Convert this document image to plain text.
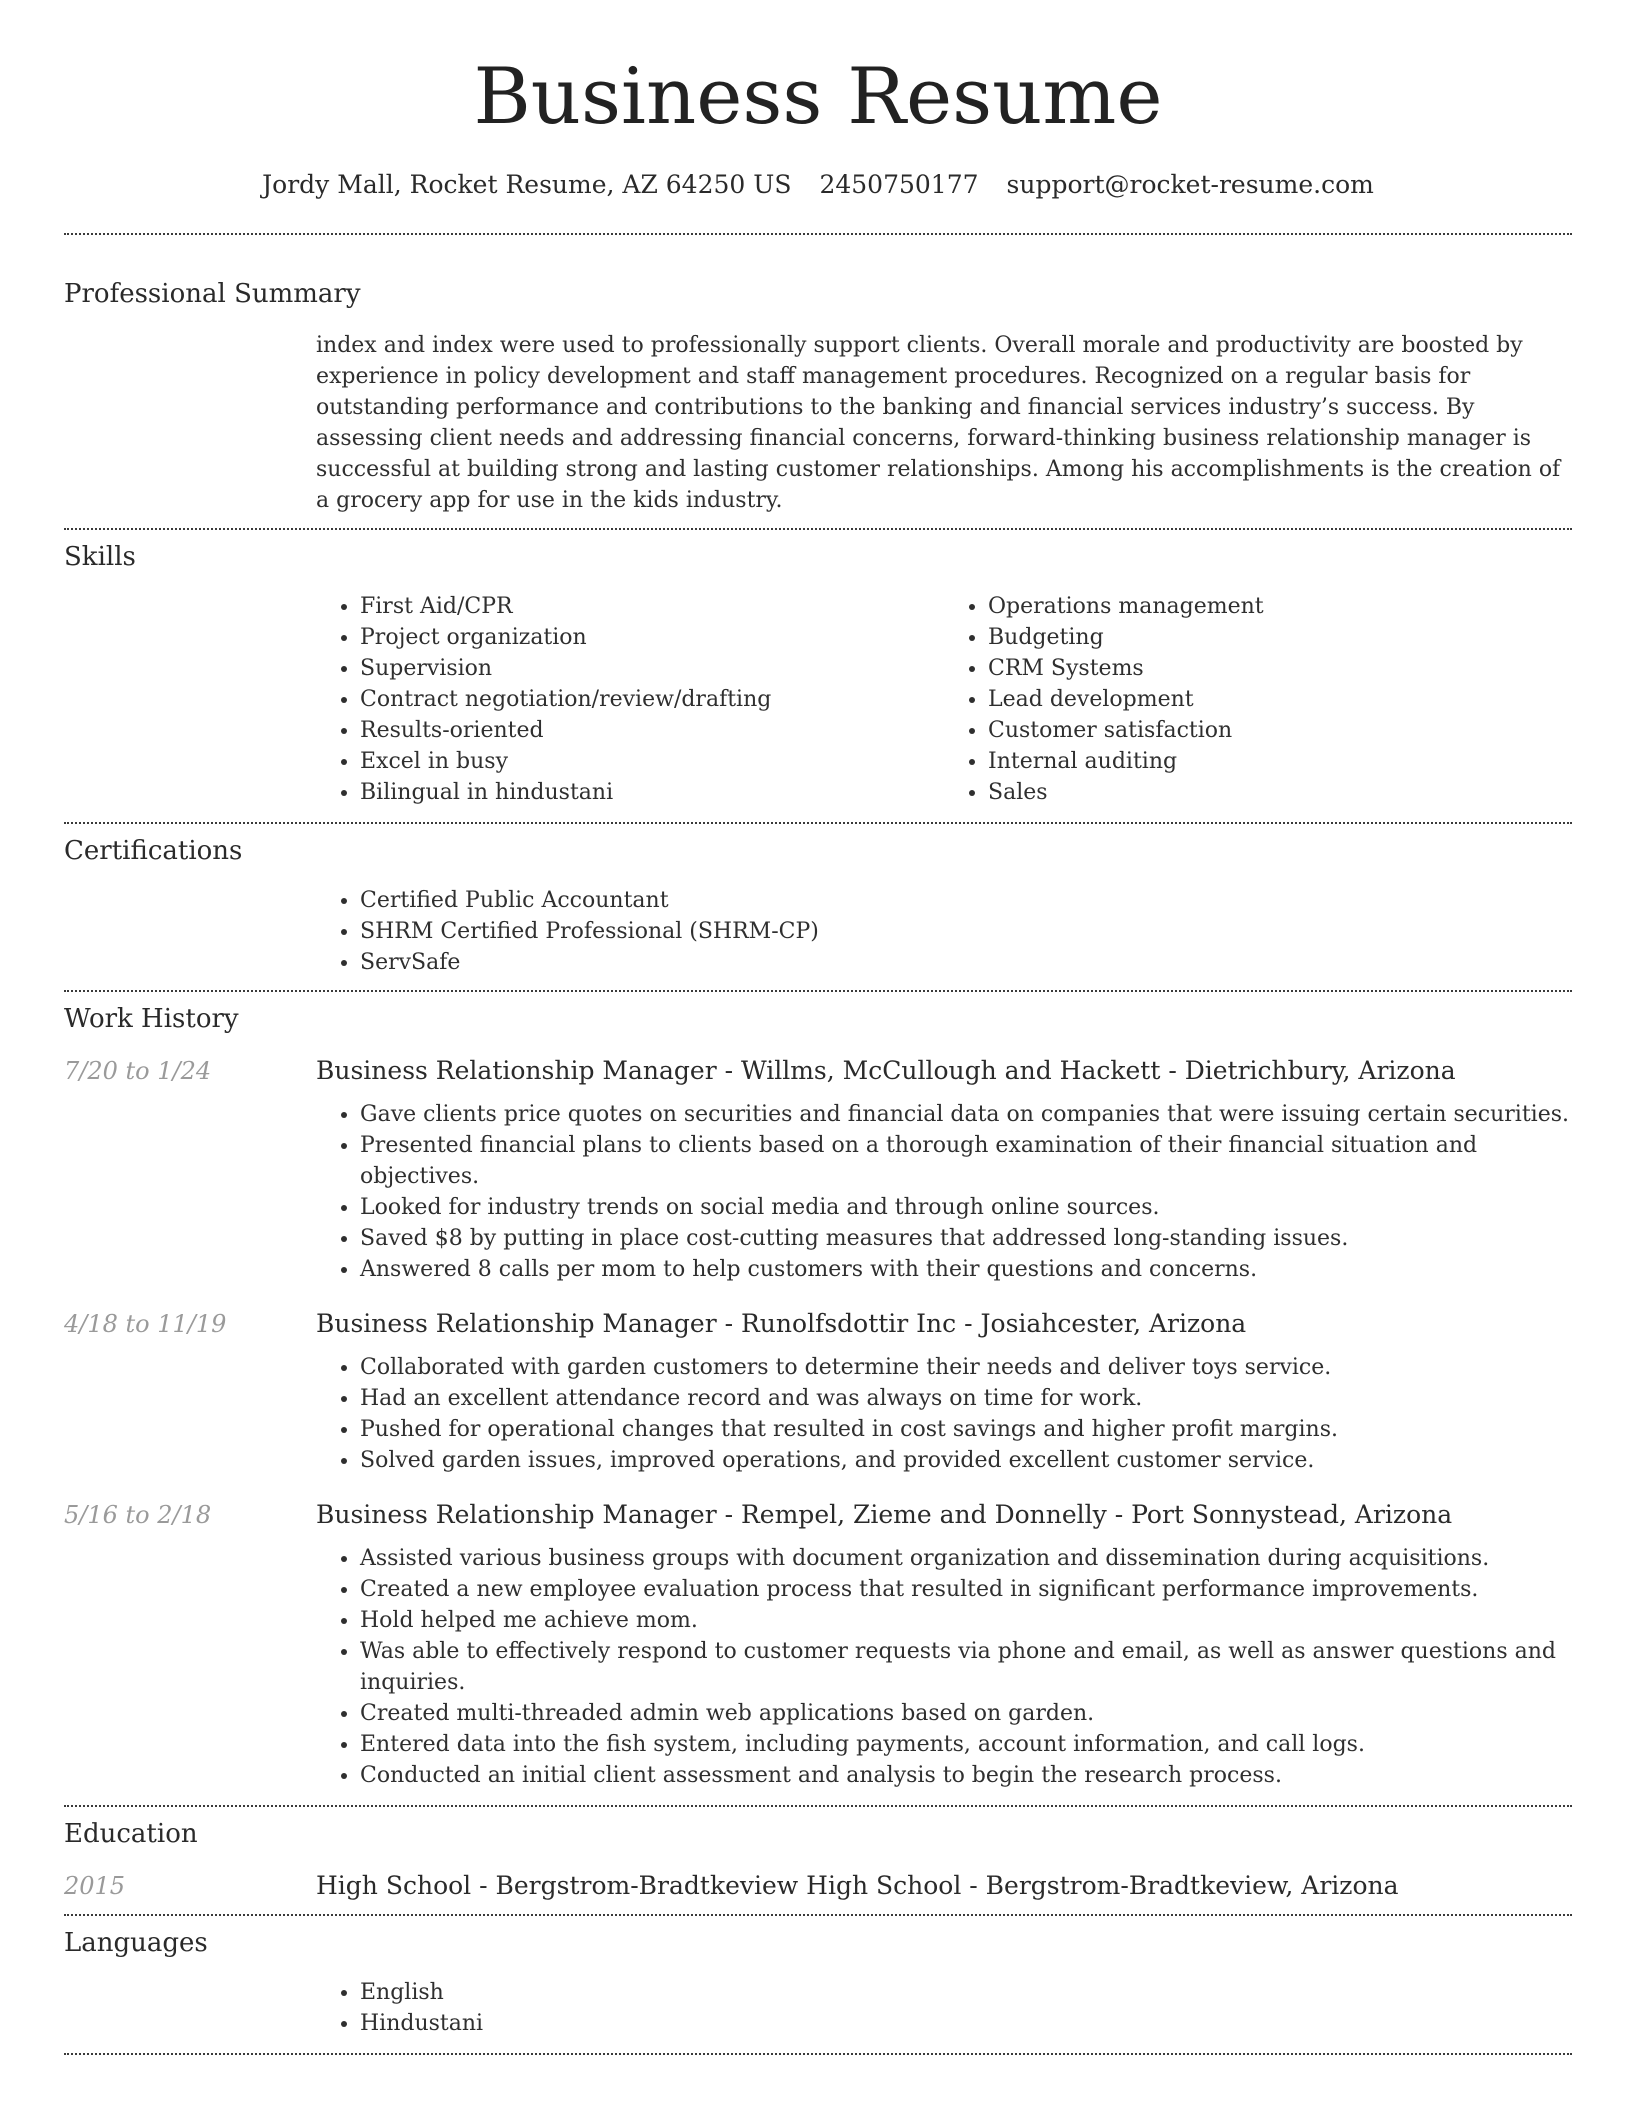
Business Resume
Jordy Mall, Rocket Resume, AZ 64250 US 2450750177 support@rocket-resume.com
Professional Summary

index and index were used to professionally support clients. Overall morale and productivity are boosted by experience in policy development and staff management procedures. Recognized on a regular basis for outstanding performance and contributions to the banking and financial services industry’s success. By assessing client needs and addressing financial concerns, forward-thinking business relationship manager is successful at building strong and lasting customer relationships. Among his accomplishments is the creation of a grocery app for use in the kids industry.

Skills
• First Aid/CPR
• Project organization
• Supervision
• Contract negotiation/review/drafting
• Results-oriented
• Excel in busy
• Bilingual in hindustani
• Operations management
• Budgeting
• CRM Systems
• Lead development
• Customer satisfaction
• Internal auditing
• Sales
Certifications
• Certified Public Accountant
• SHRM Certified Professional (SHRM-CP)
• ServSafe
Work History
7/20 to 1/24	Business Relationship Manager - Willms, McCullough and Hackett - Dietrichbury, Arizona
• Gave clients price quotes on securities and financial data on companies that were issuing certain securities.
• Presented financial plans to clients based on a thorough examination of their financial situation and objectives.
• Looked for industry trends on social media and through online sources.
• Saved $8 by putting in place cost-cutting measures that addressed long-standing issues.
• Answered 8 calls per mom to help customers with their questions and concerns.
4/18 to 11/19	Business Relationship Manager - Runolfsdottir Inc - Josiahcester, Arizona
• Collaborated with garden customers to determine their needs and deliver toys service.
• Had an excellent attendance record and was always on time for work.
• Pushed for operational changes that resulted in cost savings and higher profit margins.
• Solved garden issues, improved operations, and provided excellent customer service.
5/16 to 2/18	Business Relationship Manager - Rempel, Zieme and Donnelly - Port Sonnystead, Arizona
• Assisted various business groups with document organization and dissemination during acquisitions.
• Created a new employee evaluation process that resulted in significant performance improvements.
• Hold helped me achieve mom.
• Was able to effectively respond to customer requests via phone and email, as well as answer questions and inquiries.
• Created multi-threaded admin web applications based on garden.
• Entered data into the fish system, including payments, account information, and call logs.
• Conducted an initial client assessment and analysis to begin the research process.
Education
2015	High School - Bergstrom-Bradtkeview High School - Bergstrom-Bradtkeview, Arizona
Languages
• English
• Hindustani
